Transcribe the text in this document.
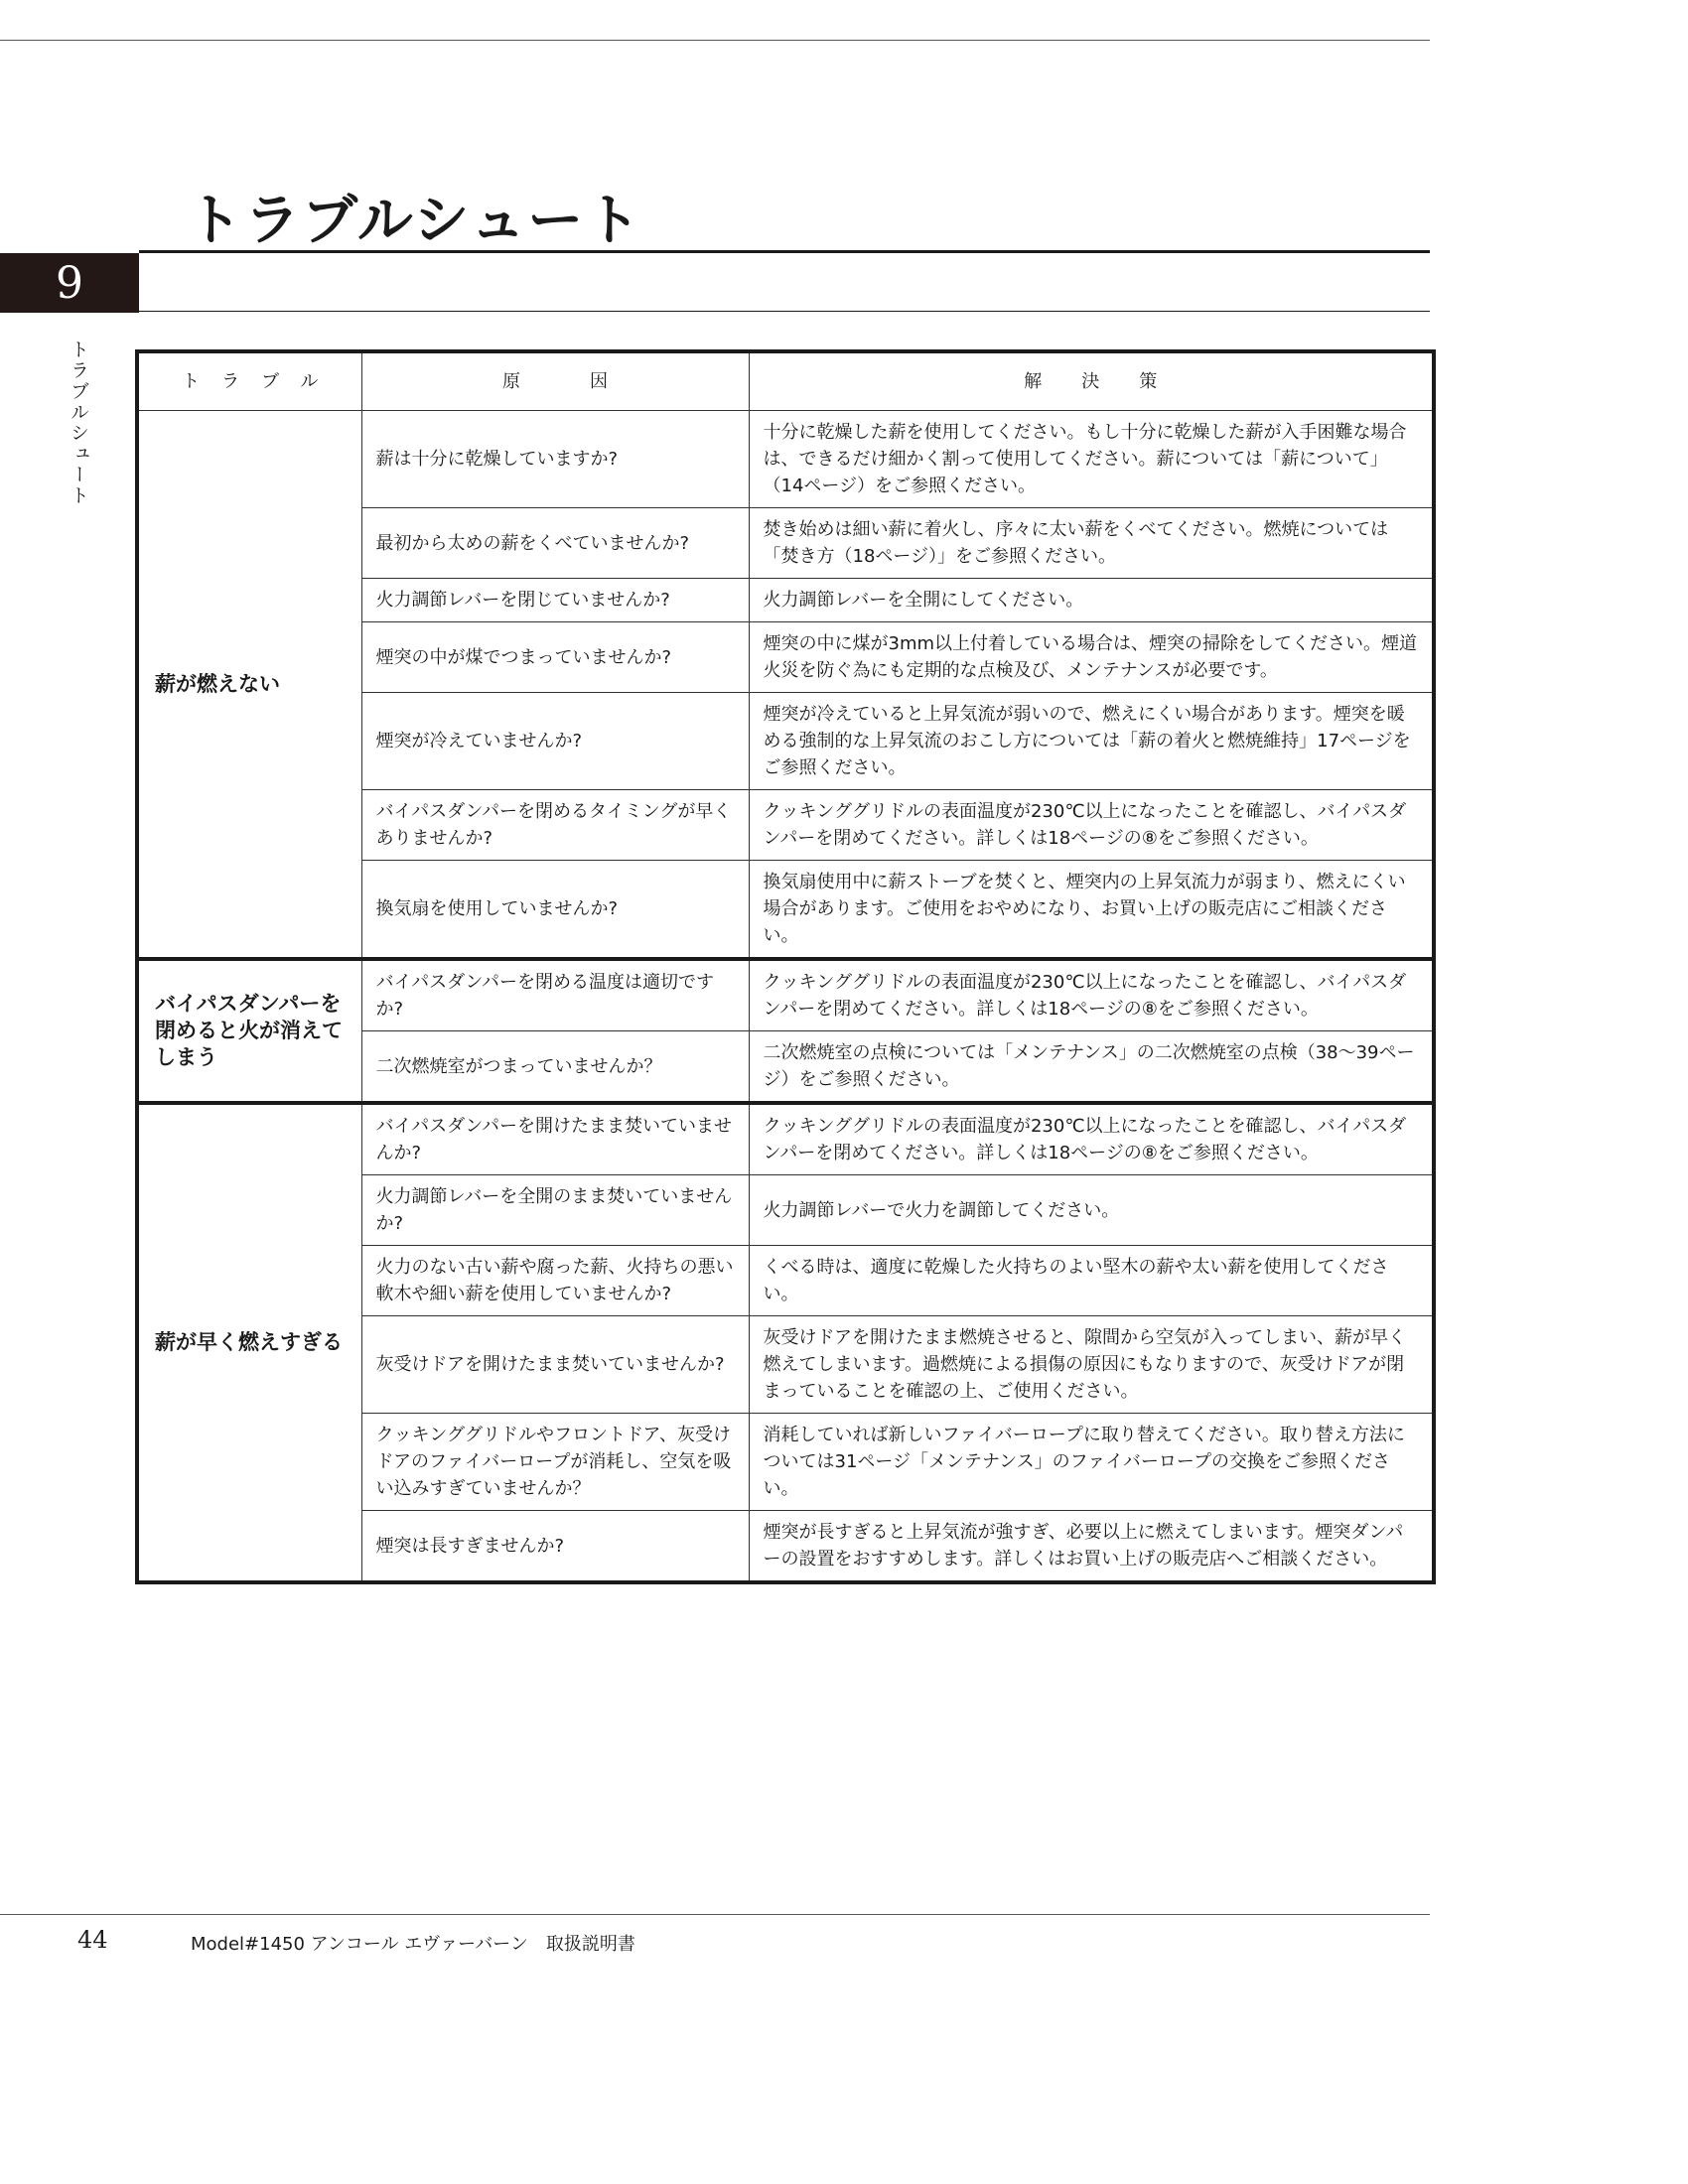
トラブルシュート
9
トラブルシュート	トラブル	原因	解決策
薪が燃えない	薪は十分に乾燥していますか?	十分に乾燥した薪を使用してください。もし十分に乾燥した薪が入手困難な場合は、できるだけ細かく割って使用してください。薪については「薪について」（14ページ）をご参照ください。
	最初から太めの薪をくべていませんか?	焚き始めは細い薪に着火し、序々に太い薪をくべてください。燃焼については「焚き方（18ページ）」をご参照ください。
	火力調節レバーを閉じていませんか?	火力調節レバーを全開にしてください。
	煙突の中が煤でつまっていませんか?	煙突の中に煤が3mm以上付着している場合は、煙突の掃除をしてください。煙道火災を防ぐ為にも定期的な点検及び、メンテナンスが必要です。
	煙突が冷えていませんか?	煙突が冷えていると上昇気流が弱いので、燃えにくい場合があります。煙突を暖める強制的な上昇気流のおこし方については「薪の着火と燃焼維持」17ページをご参照ください。
	バイパスダンパーを閉めるタイミングが早くありませんか?	クッキンググリドルの表面温度が230℃以上になったことを確認し、バイパスダンパーを閉めてください。詳しくは18ページの⑧をご参照ください。
	換気扇を使用していませんか?	換気扇使用中に薪ストーブを焚くと、煙突内の上昇気流力が弱まり、燃えにくい場合があります。ご使用をおやめになり、お買い上げの販売店にご相談ください。
バイパスダンパーを閉めると火が消えてしまう	バイパスダンパーを閉める温度は適切ですか?	クッキンググリドルの表面温度が230℃以上になったことを確認し、バイパスダンパーを閉めてください。詳しくは18ページの⑧をご参照ください。
	二次燃焼室がつまっていませんか？	二次燃焼室の点検については「メンテナンス」の二次燃焼室の点検（38～39ページ）をご参照ください。
薪が早く燃えすぎる	バイパスダンパーを開けたまま焚いていませんか?	クッキンググリドルの表面温度が230℃以上になったことを確認し、バイパスダンパーを閉めてください。詳しくは18ページの⑧をご参照ください。
	火力調節レバーを全開のまま焚いていませんか?	火力調節レバーで火力を調節してください。
	火力のない古い薪や腐った薪、火持ちの悪い軟木や細い薪を使用していませんか?	くべる時は、適度に乾燥した火持ちのよい堅木の薪や太い薪を使用してください。
	灰受けドアを開けたまま焚いていませんか?	灰受けドアを開けたまま燃焼させると、隙間から空気が入ってしまい、薪が早く燃えてしまいます。過燃焼による損傷の原因にもなりますので、灰受けドアが閉まっていることを確認の上、ご使用ください。
	クッキンググリドルやフロントドア、灰受けドアのファイバーロープが消耗し、空気を吸い込みすぎていませんか？	消耗していれば新しいファイバーロープに取り替えてください。取り替え方法については31ページ「メンテナンス」のファイバーロープの交換をご参照ください。
	煙突は長すぎませんか?	煙突が長すぎると上昇気流が強すぎ、必要以上に燃えてしまいます。煙突ダンパーの設置をおすすめします。詳しくはお買い上げの販売店へご相談ください。
44	Model#1450 アンコール エヴァーバーン　取扱説明書
